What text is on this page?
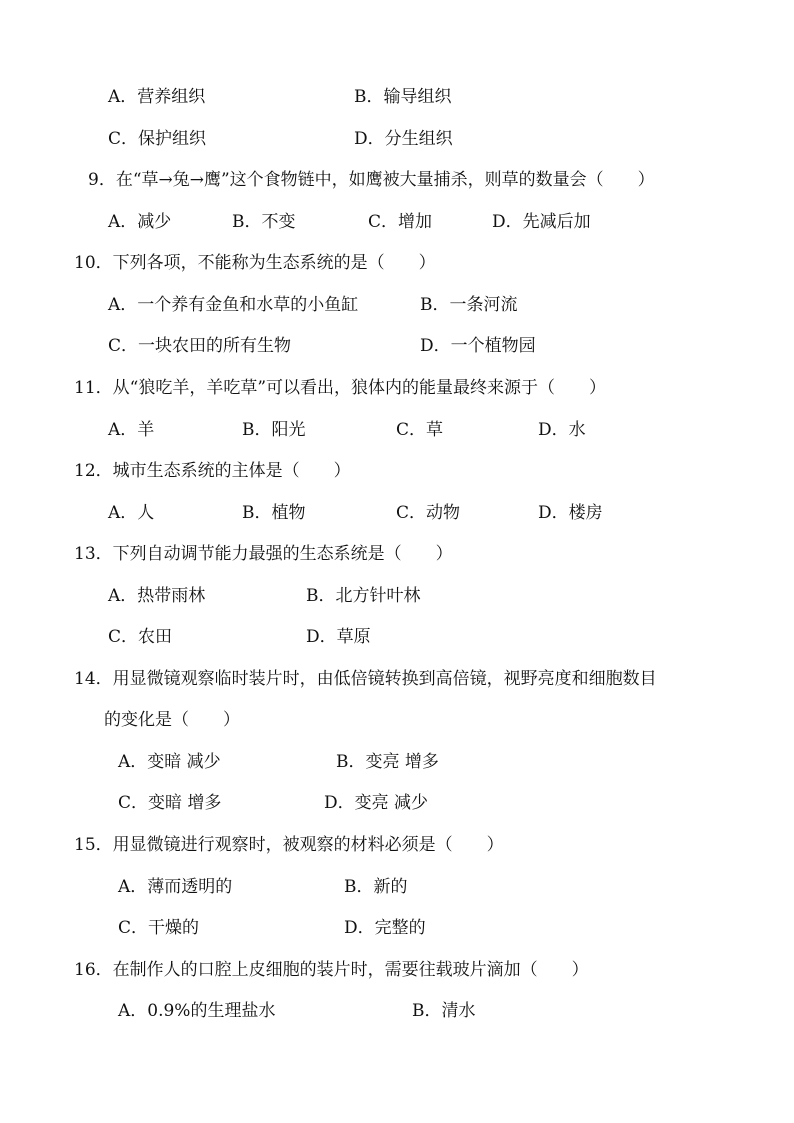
A．营养组织	B．输导组织
C．保护组织	D．分生组织
9．在“草→兔→鹰”这个食物链中，如鹰被大量捕杀，则草的数量会（　　）
A．减少	B．不变	C．增加	D．先减后加
10．下列各项，不能称为生态系统的是（　　）
A．一个养有金鱼和水草的小鱼缸	B．一条河流
C．一块农田的所有生物	D．一个植物园
11．从“狼吃羊，羊吃草”可以看出，狼体内的能量最终来源于（　　）
A．羊	B．阳光	C．草	D．水
12．城市生态系统的主体是（　　）
A．人	B．植物	C．动物	D．楼房
13．下列自动调节能力最强的生态系统是（　　）
A．热带雨林	B．北方针叶林
C．农田	D．草原
14．用显微镜观察临时装片时，由低倍镜转换到高倍镜，视野亮度和细胞数目
的变化是（　　）
A．变暗 减少	B．变亮 增多
C．变暗 增多	D．变亮 减少
15．用显微镜进行观察时，被观察的材料必须是（　　）
A．薄而透明的	B．新的
C．干燥的	D．完整的
16．在制作人的口腔上皮细胞的装片时，需要往载玻片滴加（　　）
A．0.9%的生理盐水	B．清水
